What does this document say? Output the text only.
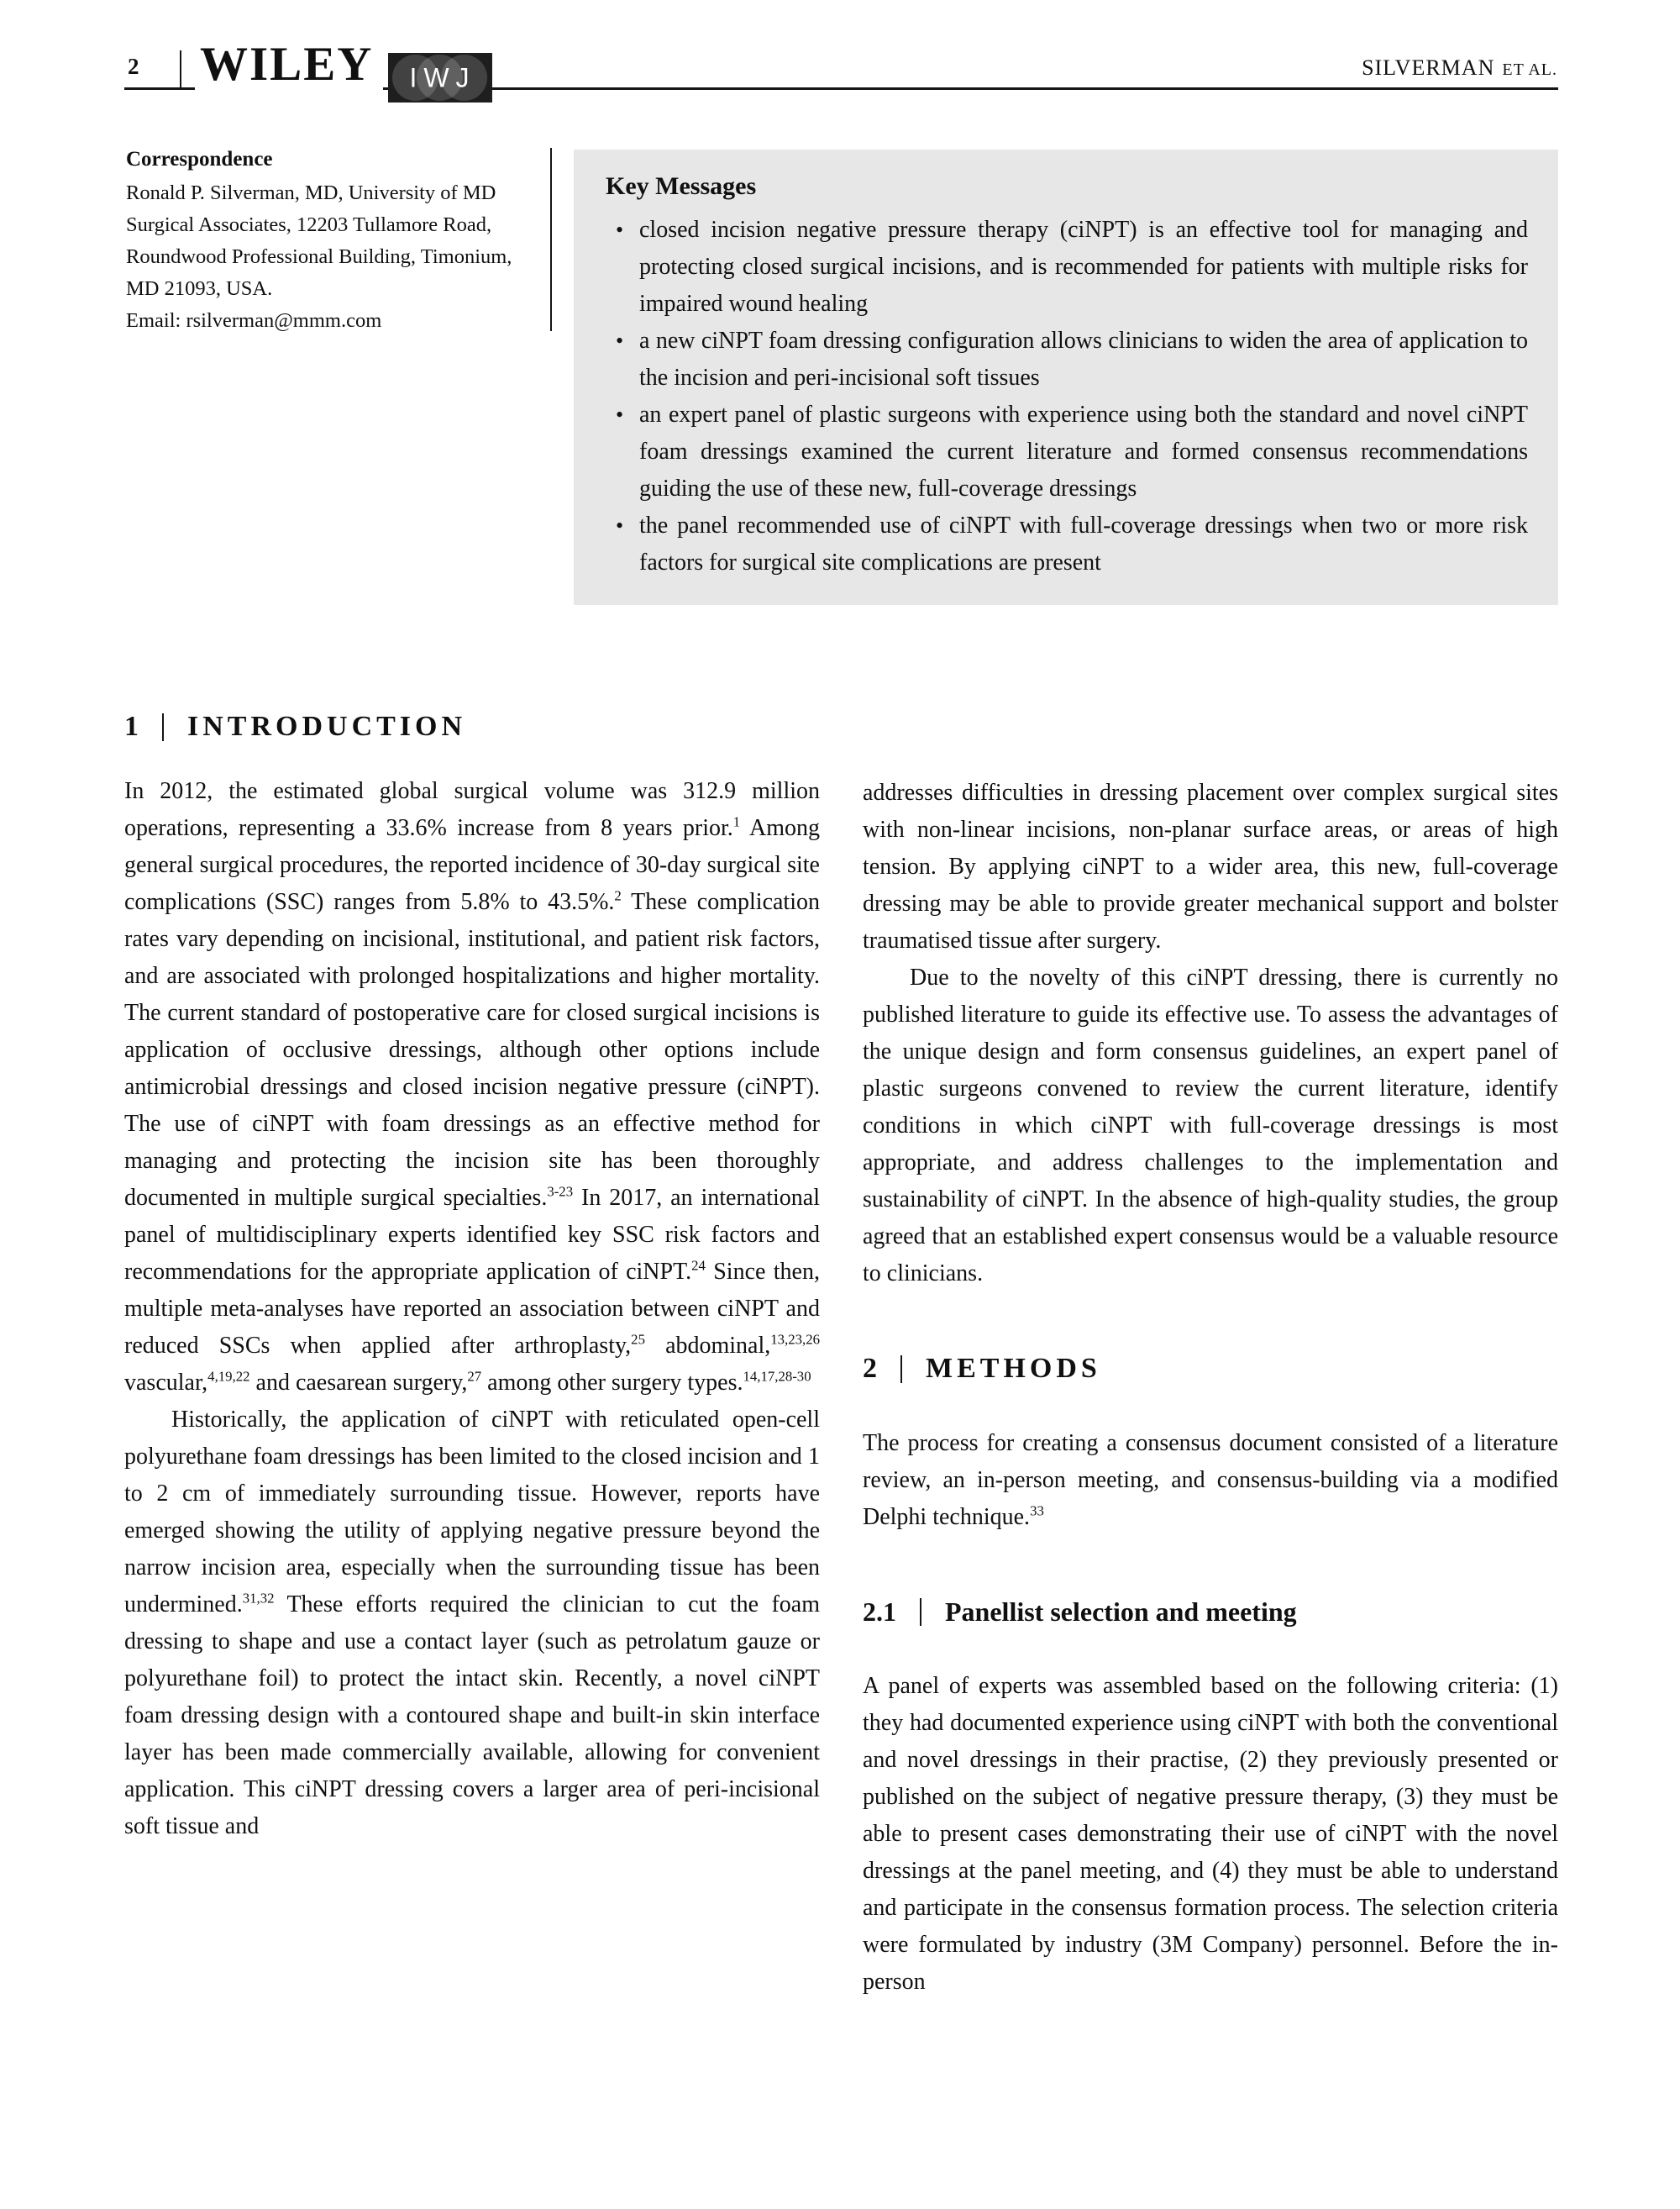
2 WILEY	IWJ	SILVERMAN ET AL.
Correspondence
Ronald P. Silverman, MD, University of MD Surgical Associates, 12203 Tullamore Road, Roundwood Professional Building, Timonium, MD 21093, USA.
Email: rsilverman@mmm.com
Key Messages
• closed incision negative pressure therapy (ciNPT) is an effective tool for managing and protecting closed surgical incisions, and is recommended for patients with multiple risks for impaired wound healing
• a new ciNPT foam dressing configuration allows clinicians to widen the area of application to the incision and peri-incisional soft tissues
• an expert panel of plastic surgeons with experience using both the standard and novel ciNPT foam dressings examined the current literature and formed consensus recommendations guiding the use of these new, full-coverage dressings
• the panel recommended use of ciNPT with full-coverage dressings when two or more risk factors for surgical site complications are present
1 INTRODUCTION

In 2012, the estimated global surgical volume was 312.9 million operations, representing a 33.6% increase from 8 years prior.$^1$ Among general surgical procedures, the reported incidence of 30-day surgical site complications (SSC) ranges from 5.8% to 43.5%.$^2$ These complication rates vary depending on incisional, institutional, and patient risk factors, and are associated with prolonged hospitalizations and higher mortality. The current standard of postoperative care for closed surgical incisions is application of occlusive dressings, although other options include antimicrobial dressings and closed incision negative pressure (ciNPT). The use of ciNPT with foam dressings as an effective method for managing and protecting the incision site has been thoroughly documented in multiple surgical specialties.$^{3-23}$ In 2017, an international panel of multidisciplinary experts identified key SSC risk factors and recommendations for the appropriate application of ciNPT.$^{24}$ Since then, multiple meta-analyses have reported an association between ciNPT and reduced SSCs when applied after arthroplasty,$^{25}$ abdominal,$^{13,23,26}$ vascular,$^{4,19,22}$ and caesarean surgery,$^{27}$ among other surgery types.$^{14,17,28-30}$

Historically, the application of ciNPT with reticulated open-cell polyurethane foam dressings has been limited to the closed incision and 1 to 2 cm of immediately surrounding tissue. However, reports have emerged showing the utility of applying negative pressure beyond the narrow incision area, especially when the surrounding tissue has been undermined.$^{31,32}$ These efforts required the clinician to cut the foam dressing to shape and use a contact layer (such as petrolatum gauze or polyurethane foil) to protect the intact skin. Recently, a novel ciNPT foam dressing design with a contoured shape and built-in skin interface layer has been made commercially available, allowing for convenient application. This ciNPT dressing covers a larger area of peri-incisional soft tissue and

addresses difficulties in dressing placement over complex surgical sites with non-linear incisions, non-planar surface areas, or areas of high tension. By applying ciNPT to a wider area, this new, full-coverage dressing may be able to provide greater mechanical support and bolster traumatised tissue after surgery.

Due to the novelty of this ciNPT dressing, there is currently no published literature to guide its effective use. To assess the advantages of the unique design and form consensus guidelines, an expert panel of plastic surgeons convened to review the current literature, identify conditions in which ciNPT with full-coverage dressings is most appropriate, and address challenges to the implementation and sustainability of ciNPT. In the absence of high-quality studies, the group agreed that an established expert consensus would be a valuable resource to clinicians.

2 METHODS

The process for creating a consensus document consisted of a literature review, an in-person meeting, and consensus-building via a modified Delphi technique.$^{33}$

2.1 Panellist selection and meeting

A panel of experts was assembled based on the following criteria: (1) they had documented experience using ciNPT with both the conventional and novel dressings in their practise, (2) they previously presented or published on the subject of negative pressure therapy, (3) they must be able to present cases demonstrating their use of ciNPT with the novel dressings at the panel meeting, and (4) they must be able to understand and participate in the consensus formation process. The selection criteria were formulated by industry (3M Company) personnel. Before the in-person
